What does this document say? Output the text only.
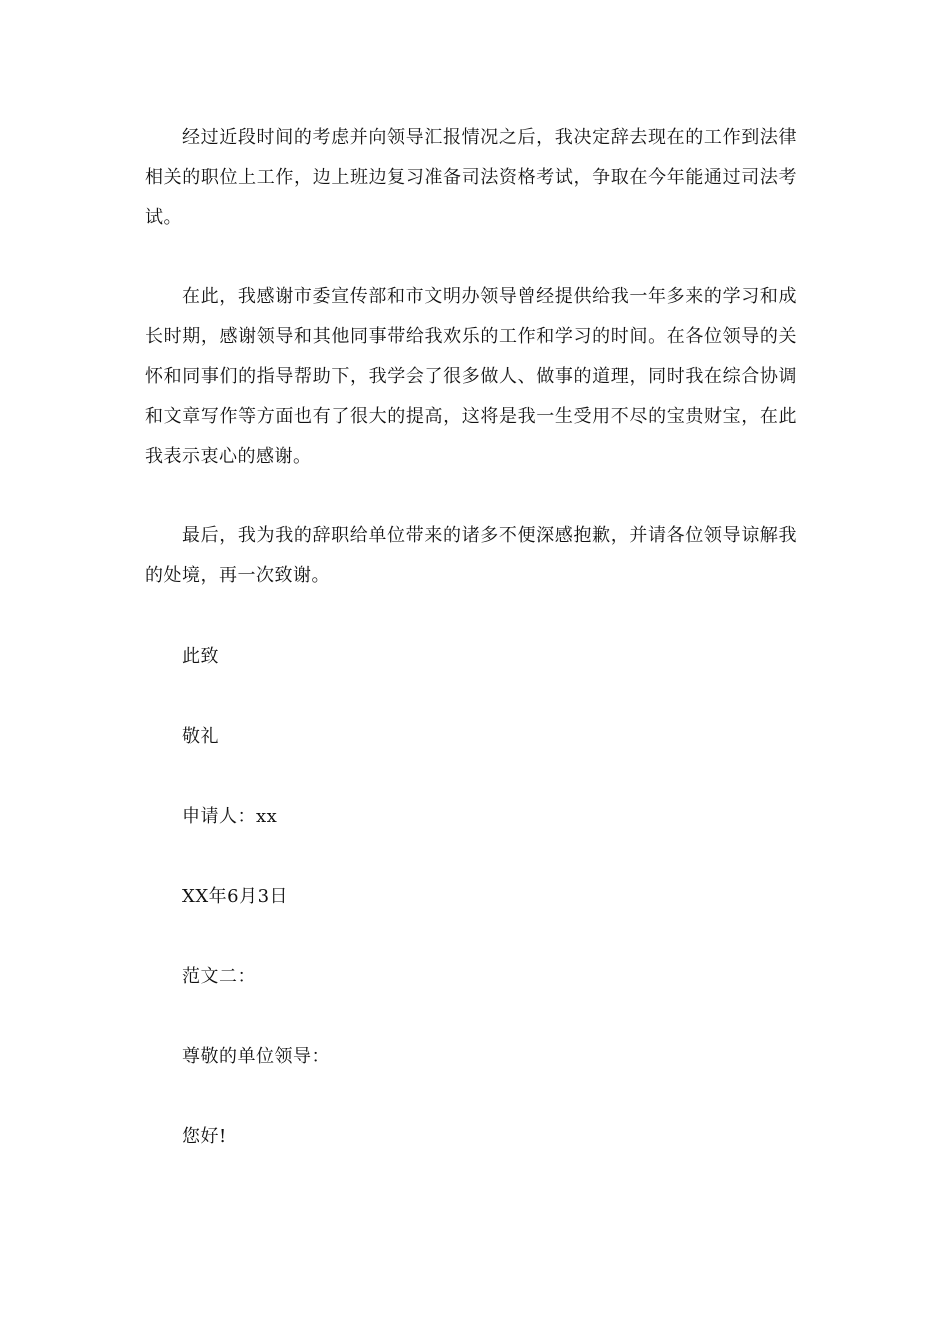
经过近段时间的考虑并向领导汇报情况之后，我决定辞去现在的工作到法律相关的职位上工作，边上班边复习准备司法资格考试，争取在今年能通过司法考试。

在此，我感谢市委宣传部和市文明办领导曾经提供给我一年多来的学习和成长时期，感谢领导和其他同事带给我欢乐的工作和学习的时间。在各位领导的关怀和同事们的指导帮助下，我学会了很多做人、做事的道理，同时我在综合协调和文章写作等方面也有了很大的提高，这将是我一生受用不尽的宝贵财宝，在此我表示衷心的感谢。

最后，我为我的辞职给单位带来的诸多不便深感抱歉，并请各位领导谅解我的处境，再一次致谢。

此致
敬礼
申请人：xx
XX年6月3日
范文二：
尊敬的单位领导：
您好!
